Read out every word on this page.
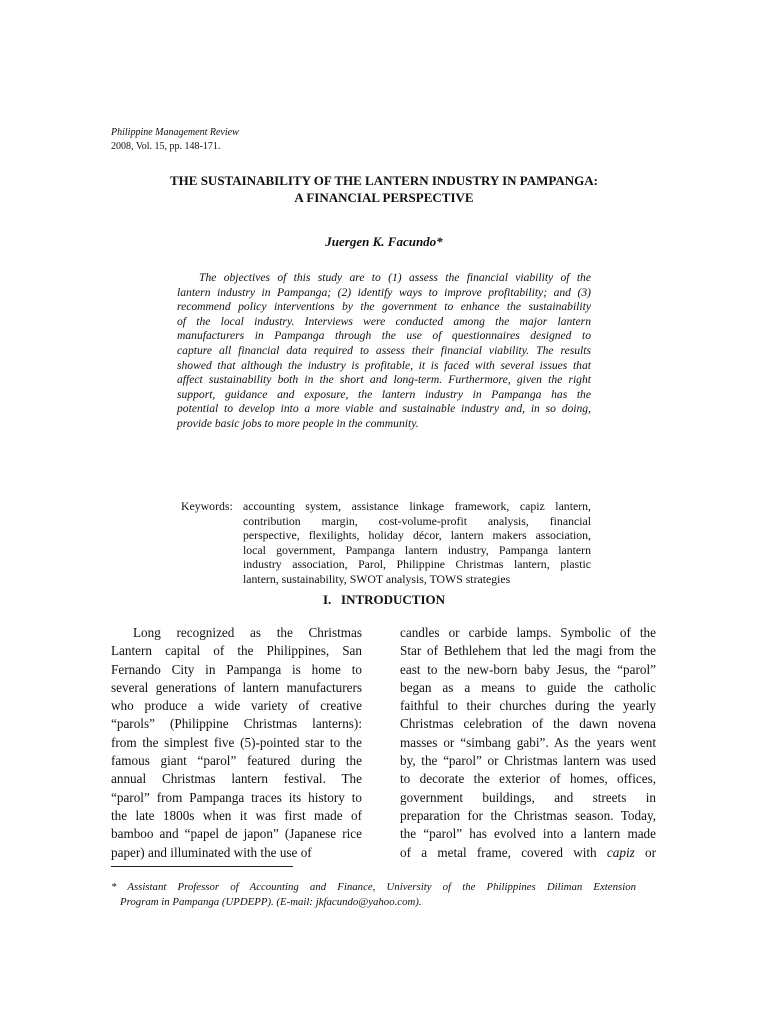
Philippine Management Review
2008, Vol. 15, pp. 148-171.
THE SUSTAINABILITY OF THE LANTERN INDUSTRY IN PAMPANGA:
A FINANCIAL PERSPECTIVE
Juergen K. Facundo*
The objectives of this study are to (1) assess the financial viability of the
lantern industry in Pampanga; (2) identify ways to improve profitability; and (3)
recommend policy interventions by the government to enhance the sustainability
of the local industry. Interviews were conducted among the major lantern
manufacturers in Pampanga through the use of questionnaires designed to
capture all financial data required to assess their financial viability. The results
showed that although the industry is profitable, it is faced with several issues that
affect sustainability both in the short and long-term. Furthermore, given the right
support, guidance and exposure, the lantern industry in Pampanga has the
potential to develop into a more viable and sustainable industry and, in so doing,
provide basic jobs to more people in the community.
Keywords: accounting system, assistance linkage framework, capiz lantern,
contribution margin, cost-volume-profit analysis, financial
perspective, flexilights, holiday décor, lantern makers association,
local government, Pampanga lantern industry, Pampanga lantern
industry association, Parol, Philippine Christmas lantern, plastic
lantern, sustainability, SWOT analysis, TOWS strategies
I.   INTRODUCTION
Long recognized as the Christmas
Lantern capital of the Philippines, San
Fernando City in Pampanga is home to
several generations of lantern manufacturers
who produce a wide variety of creative
“parols” (Philippine Christmas lanterns):
from the simplest five (5)-pointed star to the
famous giant “parol” featured during the
annual Christmas lantern festival. The
“parol” from Pampanga traces its history to
the late 1800s when it was first made of
bamboo and “papel de japon” (Japanese rice
paper) and illuminated with the use of
candles or carbide lamps. Symbolic of the
Star of Bethlehem that led the magi from the
east to the new-born baby Jesus, the “parol”
began as a means to guide the catholic
faithful to their churches during the yearly
Christmas celebration of the dawn novena
masses or “simbang gabi”. As the years went
by, the “parol” or Christmas lantern was used
to decorate the exterior of homes, offices,
government buildings, and streets in
preparation for the Christmas season. Today,
the “parol” has evolved into a lantern made
of a metal frame, covered with capiz or
* Assistant Professor of Accounting and Finance, University of the Philippines Diliman Extension
Program in Pampanga (UPDEPP). (E-mail: jkfacundo@yahoo.com).
